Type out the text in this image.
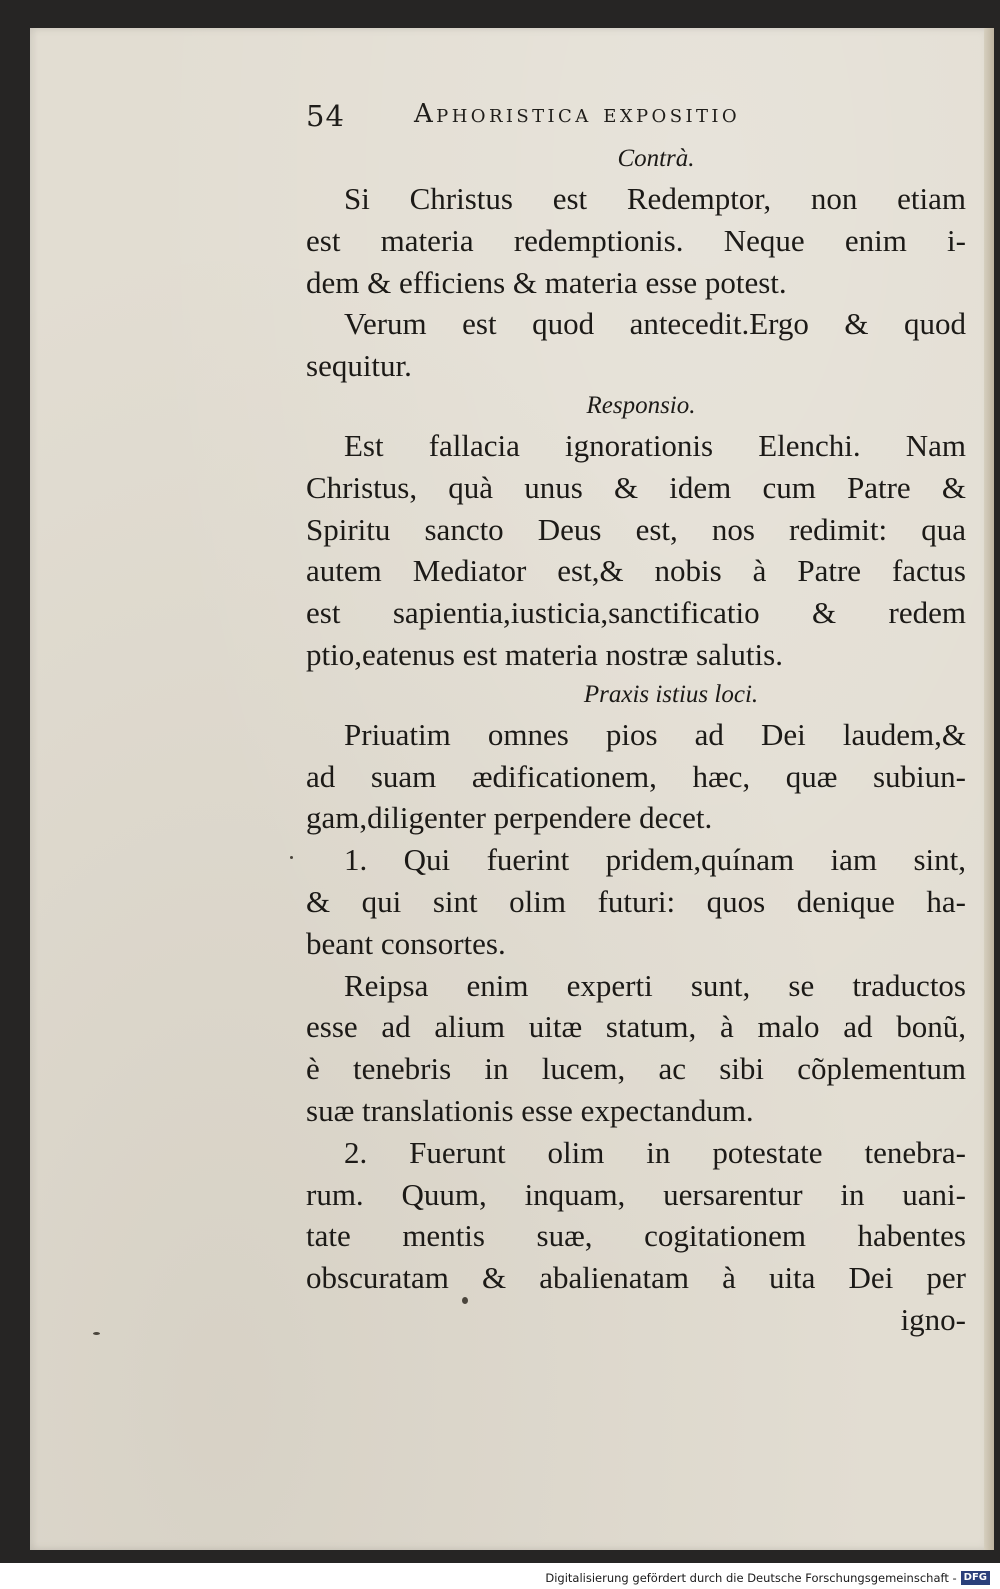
54	Aphoristica expositio
Contrà.
Si Christus est Redemptor, non etiam
est materia redemptionis. Neque enim i-
dem & efficiens & materia esse potest.
Verum est quod antecedit.Ergo & quod
sequitur.
Responsio.
Est fallacia ignorationis Elenchi. Nam
Christus, quà unus & idem cum Patre &
Spiritu sancto Deus est, nos redimit: qua
autem Mediator est,& nobis à Patre factus
est sapientia,iusticia,sanctificatio & redem
ptio,eatenus est materia nostræ salutis.
Praxis istius loci.
Priuatim omnes pios ad Dei laudem,&
ad suam ædificationem, hæc, quæ subiun-
gam,diligenter perpendere decet.
1. Qui fuerint pridem,quínam iam sint,
& qui sint olim futuri: quos denique ha-
beant consortes.
Reipsa enim experti sunt, se traductos
esse ad alium uitæ statum, à malo ad bonũ,
è tenebris in lucem, ac sibi cõplementum
suæ translationis esse expectandum.
2. Fuerunt olim in potestate tenebra-
rum. Quum, inquam, uersarentur in uani-
tate mentis suæ, cogitationem habentes
obscuratam & abalienatam à uita Dei per
igno-
Digitalisierung gefördert durch die Deutsche Forschungsgemeinschaft - DFG
